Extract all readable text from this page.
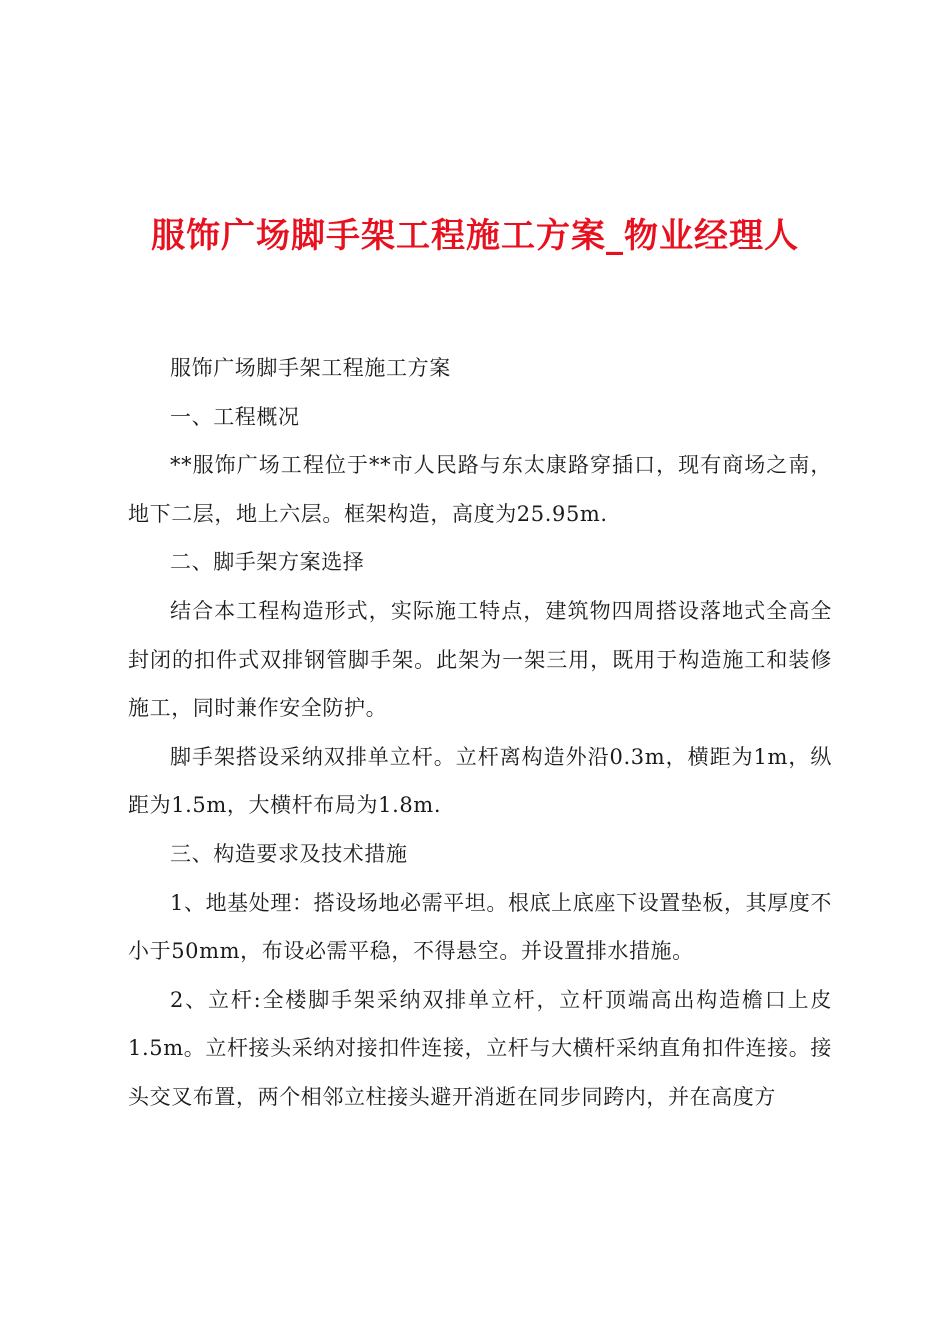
服饰广场脚手架工程施工方案_物业经理人

服饰广场脚手架工程施工方案

一、工程概况

**服饰广场工程位于**市人民路与东太康路穿插口，现有商场之南，地下二层，地上六层。框架构造，高度为25.95m.

二、脚手架方案选择

结合本工程构造形式，实际施工特点，建筑物四周搭设落地式全高全封闭的扣件式双排钢管脚手架。此架为一架三用，既用于构造施工和装修施工，同时兼作安全防护。

脚手架搭设采纳双排单立杆。立杆离构造外沿0.3m，横距为1m，纵距为1.5m，大横杆布局为1.8m.

三、构造要求及技术措施

1、地基处理：搭设场地必需平坦。根底上底座下设置垫板，其厚度不小于50mm，布设必需平稳，不得悬空。并设置排水措施。

2、立杆:全楼脚手架采纳双排单立杆，立杆顶端高出构造檐口上皮1.5m。立杆接头采纳对接扣件连接，立杆与大横杆采纳直角扣件连接。接头交叉布置，两个相邻立柱接头避开消逝在同步同跨内，并在高度方
